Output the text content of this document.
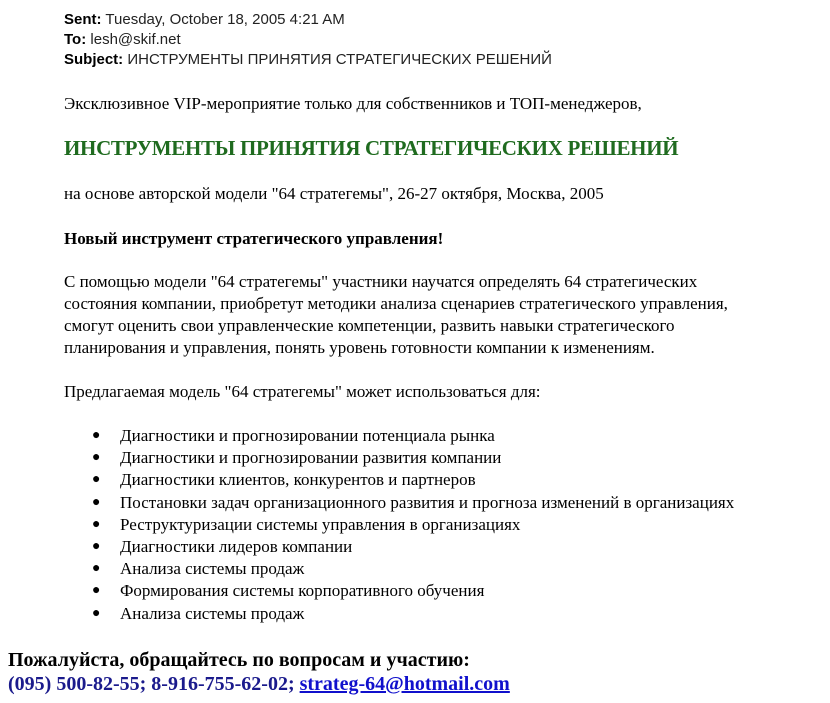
Sent: Tuesday, October 18, 2005 4:21 AM
To: lesh@skif.net
Subject: ИНСТРУМЕНТЫ ПРИНЯТИЯ СТРАТЕГИЧЕСКИХ РЕШЕНИЙ
Эксклюзивное VIP-мероприятие только для собственников и ТОП-менеджеров,
ИНСТРУМЕНТЫ ПРИНЯТИЯ СТРАТЕГИЧЕСКИХ РЕШЕНИЙ
на основе авторской модели "64 стратегемы", 26-27 октября, Москва, 2005
Новый инструмент стратегического управления!
С помощью модели "64 стратегемы" участники научатся определять 64 стратегических
состояния компании, приобретут методики анализа сценариев стратегического управления,
смогут оценить свои управленческие компетенции, развить навыки стратегического
планирования и управления, понять уровень готовности компании к изменениям.
Предлагаемая модель "64 стратегемы" может использоваться для:
● Диагностики и прогнозировании потенциала рынка
● Диагностики и прогнозировании развития компании
● Диагностики клиентов, конкурентов и партнеров
● Постановки задач организационного развития и прогноза изменений в организациях
● Реструктуризации системы управления в организациях
● Диагностики лидеров компании
● Анализа системы продаж
● Формирования системы корпоративного обучения
● Анализа системы продаж
Пожалуйста, обращайтесь по вопросам и участию:
(095) 500-82-55; 8-916-755-62-02; strateg-64@hotmail.com
